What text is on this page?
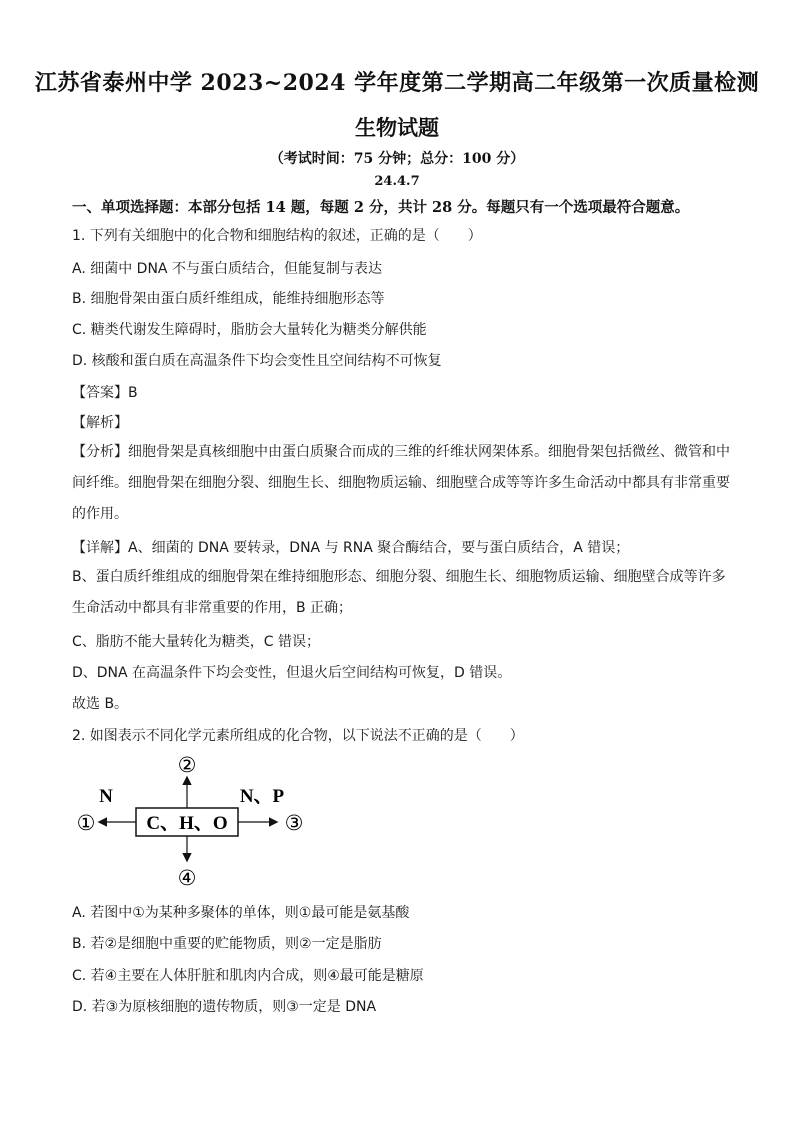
江苏省泰州中学 2023~2024 学年度第二学期高二年级第一次质量检测
生物试题
（考试时间：75 分钟；总分：100 分）
24.4.7
一、单项选择题：本部分包括 14 题，每题 2 分，共计 28 分。每题只有一个选项最符合题意。
1. 下列有关细胞中的化合物和细胞结构的叙述，正确的是（　　）
A. 细菌中 DNA 不与蛋白质结合，但能复制与表达
B. 细胞骨架由蛋白质纤维组成，能维持细胞形态等
C. 糖类代谢发生障碍时，脂肪会大量转化为糖类分解供能
D. 核酸和蛋白质在高温条件下均会变性且空间结构不可恢复
【答案】B
【解析】
【分析】细胞骨架是真核细胞中由蛋白质聚合而成的三维的纤维状网架体系。细胞骨架包括微丝、微管和中间纤维。细胞骨架在细胞分裂、细胞生长、细胞物质运输、细胞壁合成等等许多生命活动中都具有非常重要的作用。
【详解】A、细菌的 DNA 要转录，DNA 与 RNA 聚合酶结合，要与蛋白质结合，A 错误；
B、蛋白质纤维组成的细胞骨架在维持细胞形态、细胞分裂、细胞生长、细胞物质运输、细胞壁合成等许多生命活动中都具有非常重要的作用，B 正确；
C、脂肪不能大量转化为糖类，C 错误；
D、DNA 在高温条件下均会变性，但退火后空间结构可恢复，D 错误。
故选 B。
2. 如图表示不同化学元素所组成的化合物，以下说法不正确的是（　　）
C、H、O
N	N、P
①
②
③
④
A. 若图中①为某种多聚体的单体，则①最可能是氨基酸
B. 若②是细胞中重要的贮能物质，则②一定是脂肪
C. 若④主要在人体肝脏和肌肉内合成，则④最可能是糖原
D. 若③为原核细胞的遗传物质，则③一定是 DNA
